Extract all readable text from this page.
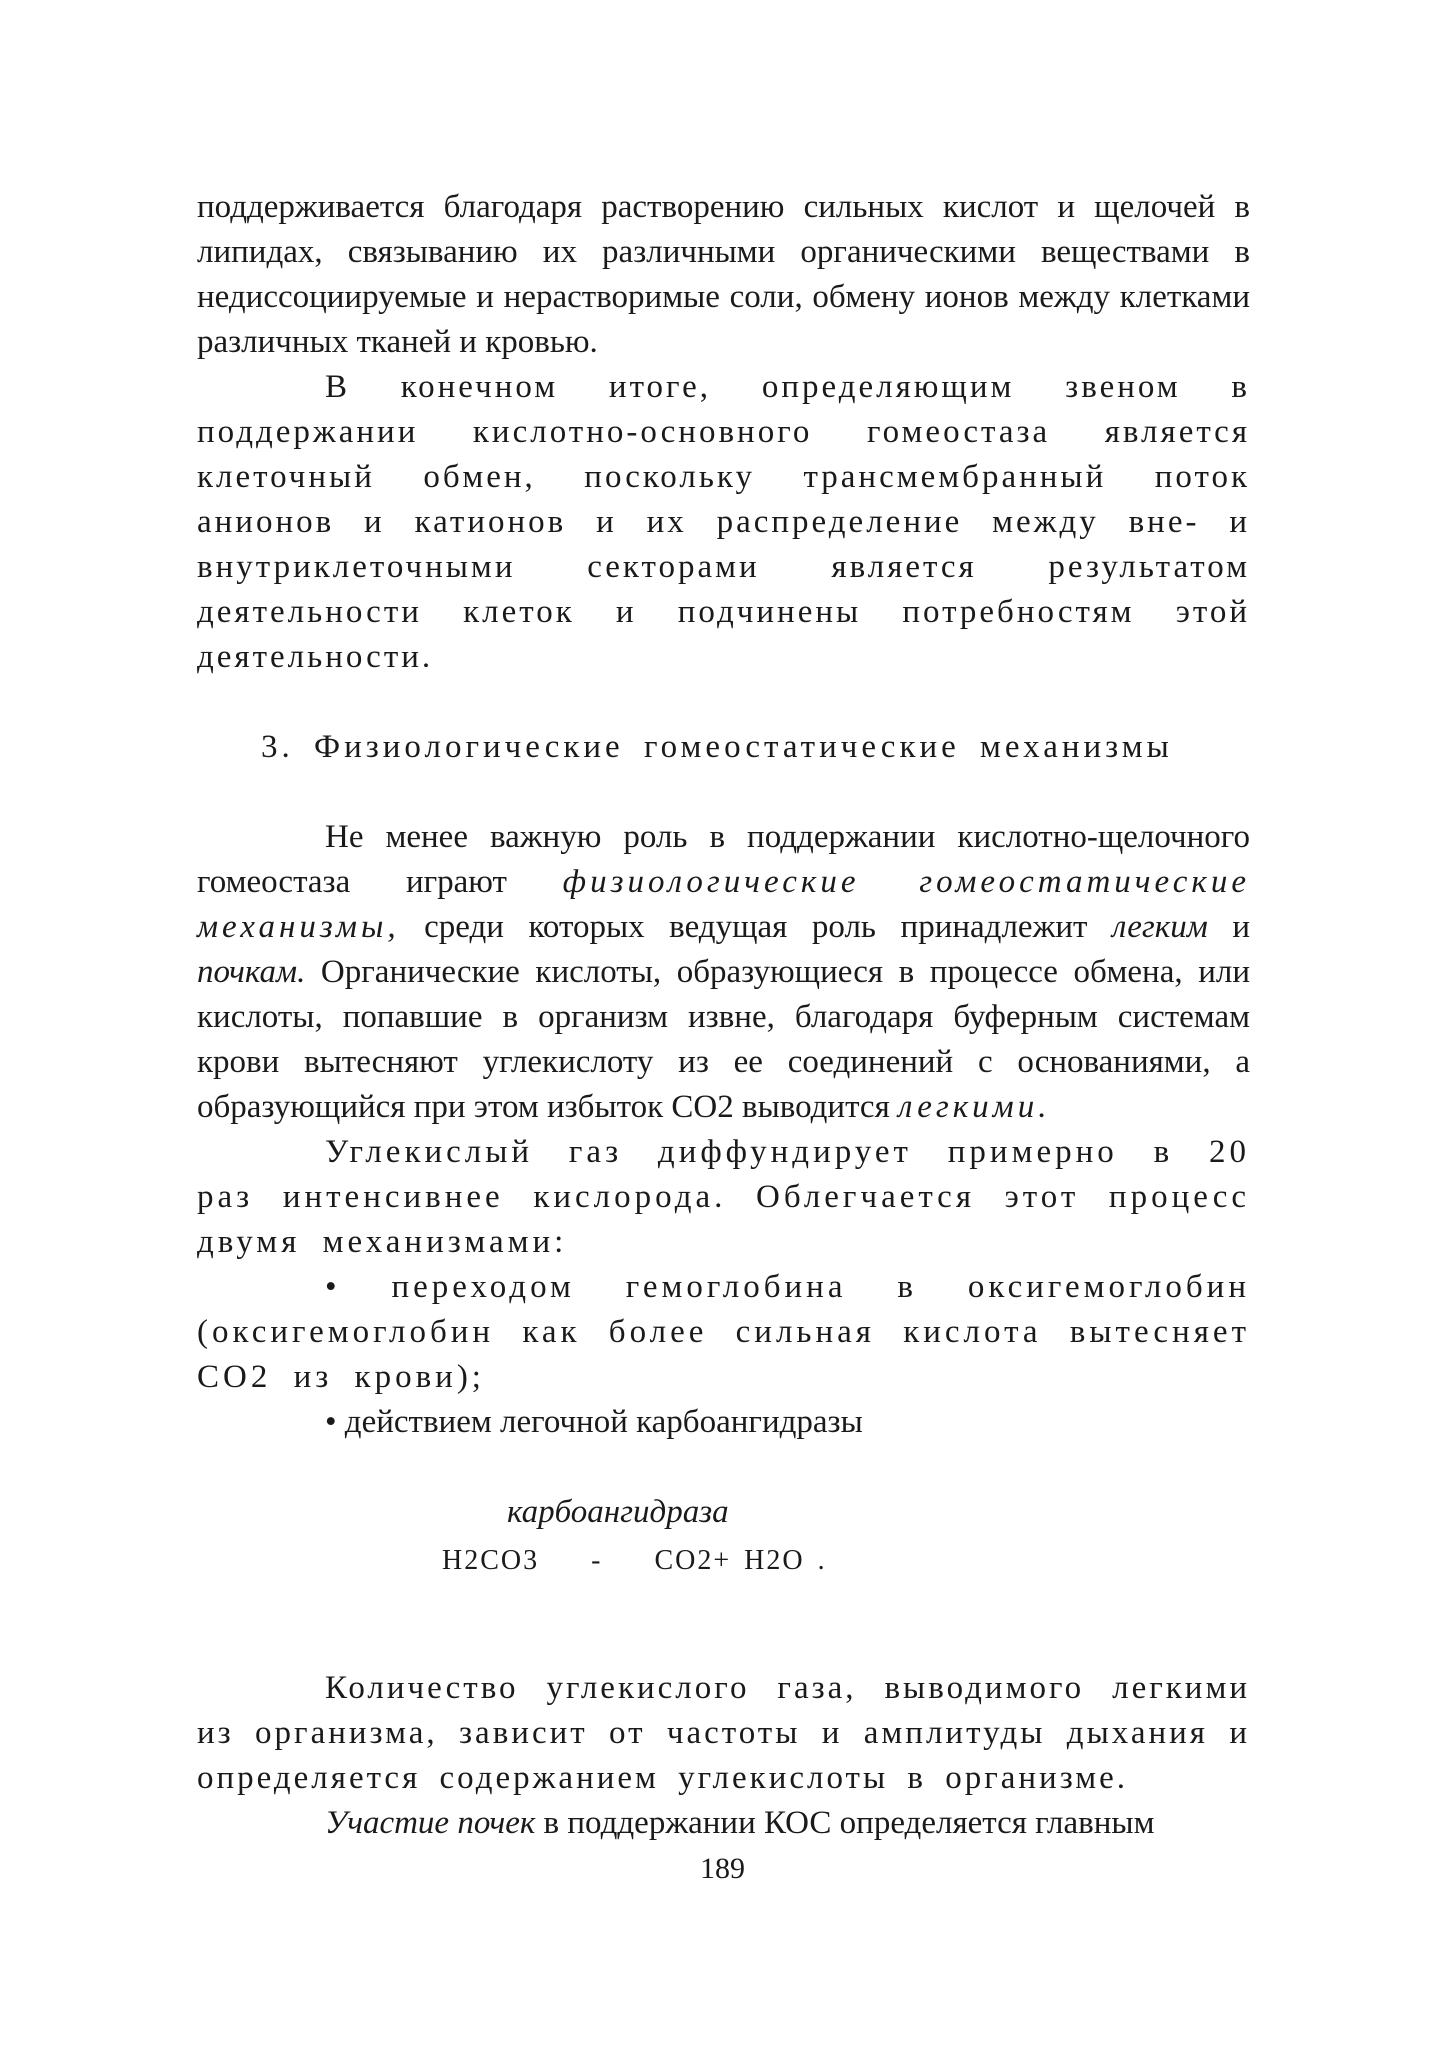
поддерживается благодаря растворению сильных кислот и щелочей в липидах, связыванию их различными органическими веществами в недиссоциируемые и нерастворимые соли, обмену ионов между клетками различных тканей и кровью.

В конечном итоге, определяющим звеном в поддержании кислотно-основного гомеостаза является клеточный обмен, поскольку трансмембранный поток анионов и катионов и их распределение между вне- и внутриклеточными секторами является результатом деятельности клеток и подчинены потребностям этой деятельности.

3. Физиологические гомеостатические механизмы

Не менее важную роль в поддержании кислотно-щелочного гомеостаза играют физиологические гомеостатические механизмы, среди которых ведущая роль принадлежит легким и почкам. Органические кислоты, образующиеся в процессе обмена, или кислоты, попавшие в организм извне, благодаря буферным системам крови вытесняют углекислоту из ее соединений с основаниями, а образующийся при этом избыток СО2 выводится легкими.

Углекислый газ диффундирует примерно в 20 раз интенсивнее кислорода. Облегчается этот процесс двумя механизмами:

• переходом гемоглобина в оксигемоглобин (оксигемоглобин как более сильная кислота вытесняет СО2 из крови);

• действием легочной карбоангидразы

карбоангидраза
Н2СО3    -    СО2+ Н2О .

Количество углекислого газа, выводимого легкими из организма, зависит от частоты и амплитуды дыхания и определяется содержанием углекислоты в организме.

Участие почек в поддержании КОС определяется главным

189
